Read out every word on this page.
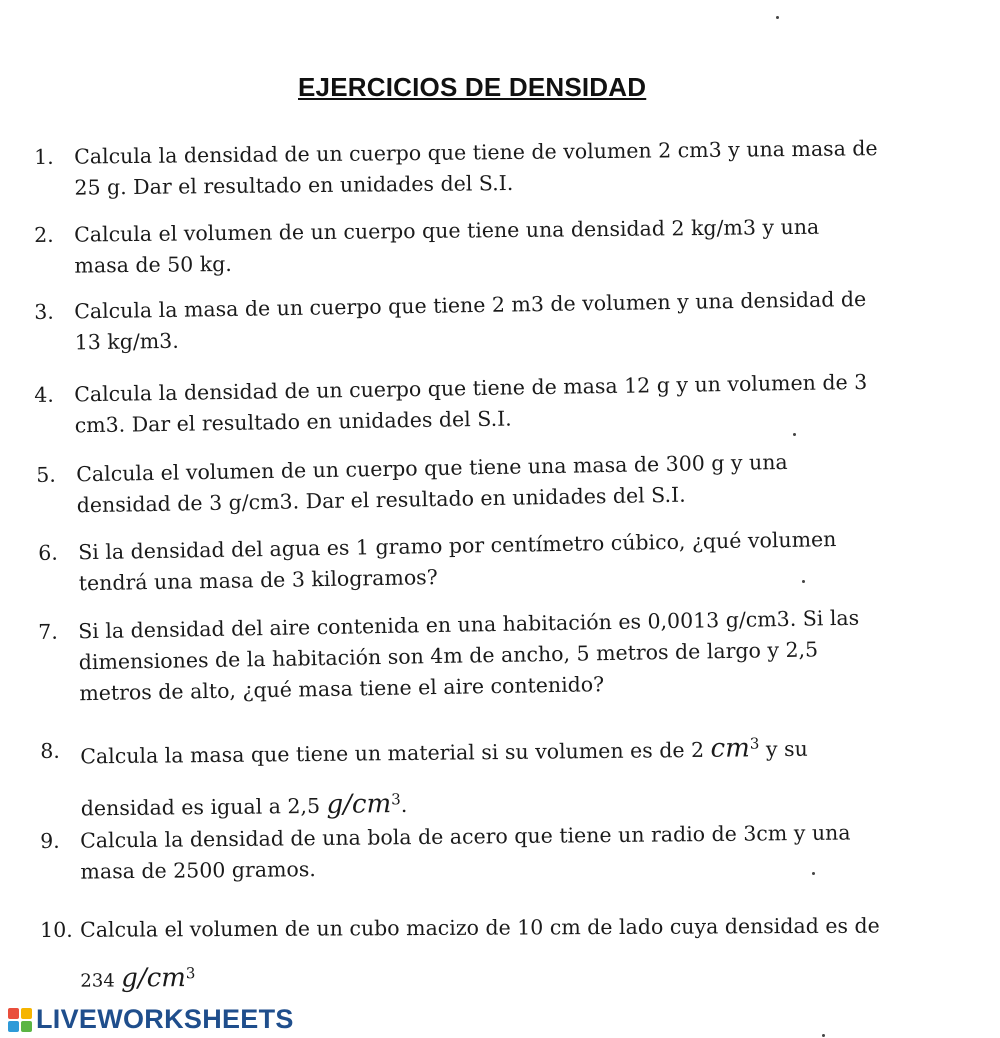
EJERCICIOS DE DENSIDAD
1. Calcula la densidad de un cuerpo que tiene de volumen 2 cm3 y una masa de
25 g. Dar el resultado en unidades del S.I.
2. Calcula el volumen de un cuerpo que tiene una densidad 2 kg/m3 y una
masa de 50 kg.
3. Calcula la masa de un cuerpo que tiene 2 m3 de volumen y una densidad de
13 kg/m3.
4. Calcula la densidad de un cuerpo que tiene de masa 12 g y un volumen de 3
cm3. Dar el resultado en unidades del S.I.
5. Calcula el volumen de un cuerpo que tiene una masa de 300 g y una
densidad de 3 g/cm3. Dar el resultado en unidades del S.I.
6. Si la densidad del agua es 1 gramo por centímetro cúbico, ¿qué volumen
tendrá una masa de 3 kilogramos?
7. Si la densidad del aire contenida en una habitación es 0,0013 g/cm3. Si las
dimensiones de la habitación son 4m de ancho, 5 metros de largo y 2,5
metros de alto, ¿qué masa tiene el aire contenido?
8. Calcula la masa que tiene un material si su volumen es de 2 $cm^3$ y su
densidad es igual a 2,5 $g/cm^3$.
9. Calcula la densidad de una bola de acero que tiene un radio de 3cm y una
masa de 2500 gramos.
10. Calcula el volumen de un cubo macizo de 10 cm de lado cuya densidad es de
234 $g/cm^3$
LIVEWORKSHEETS
